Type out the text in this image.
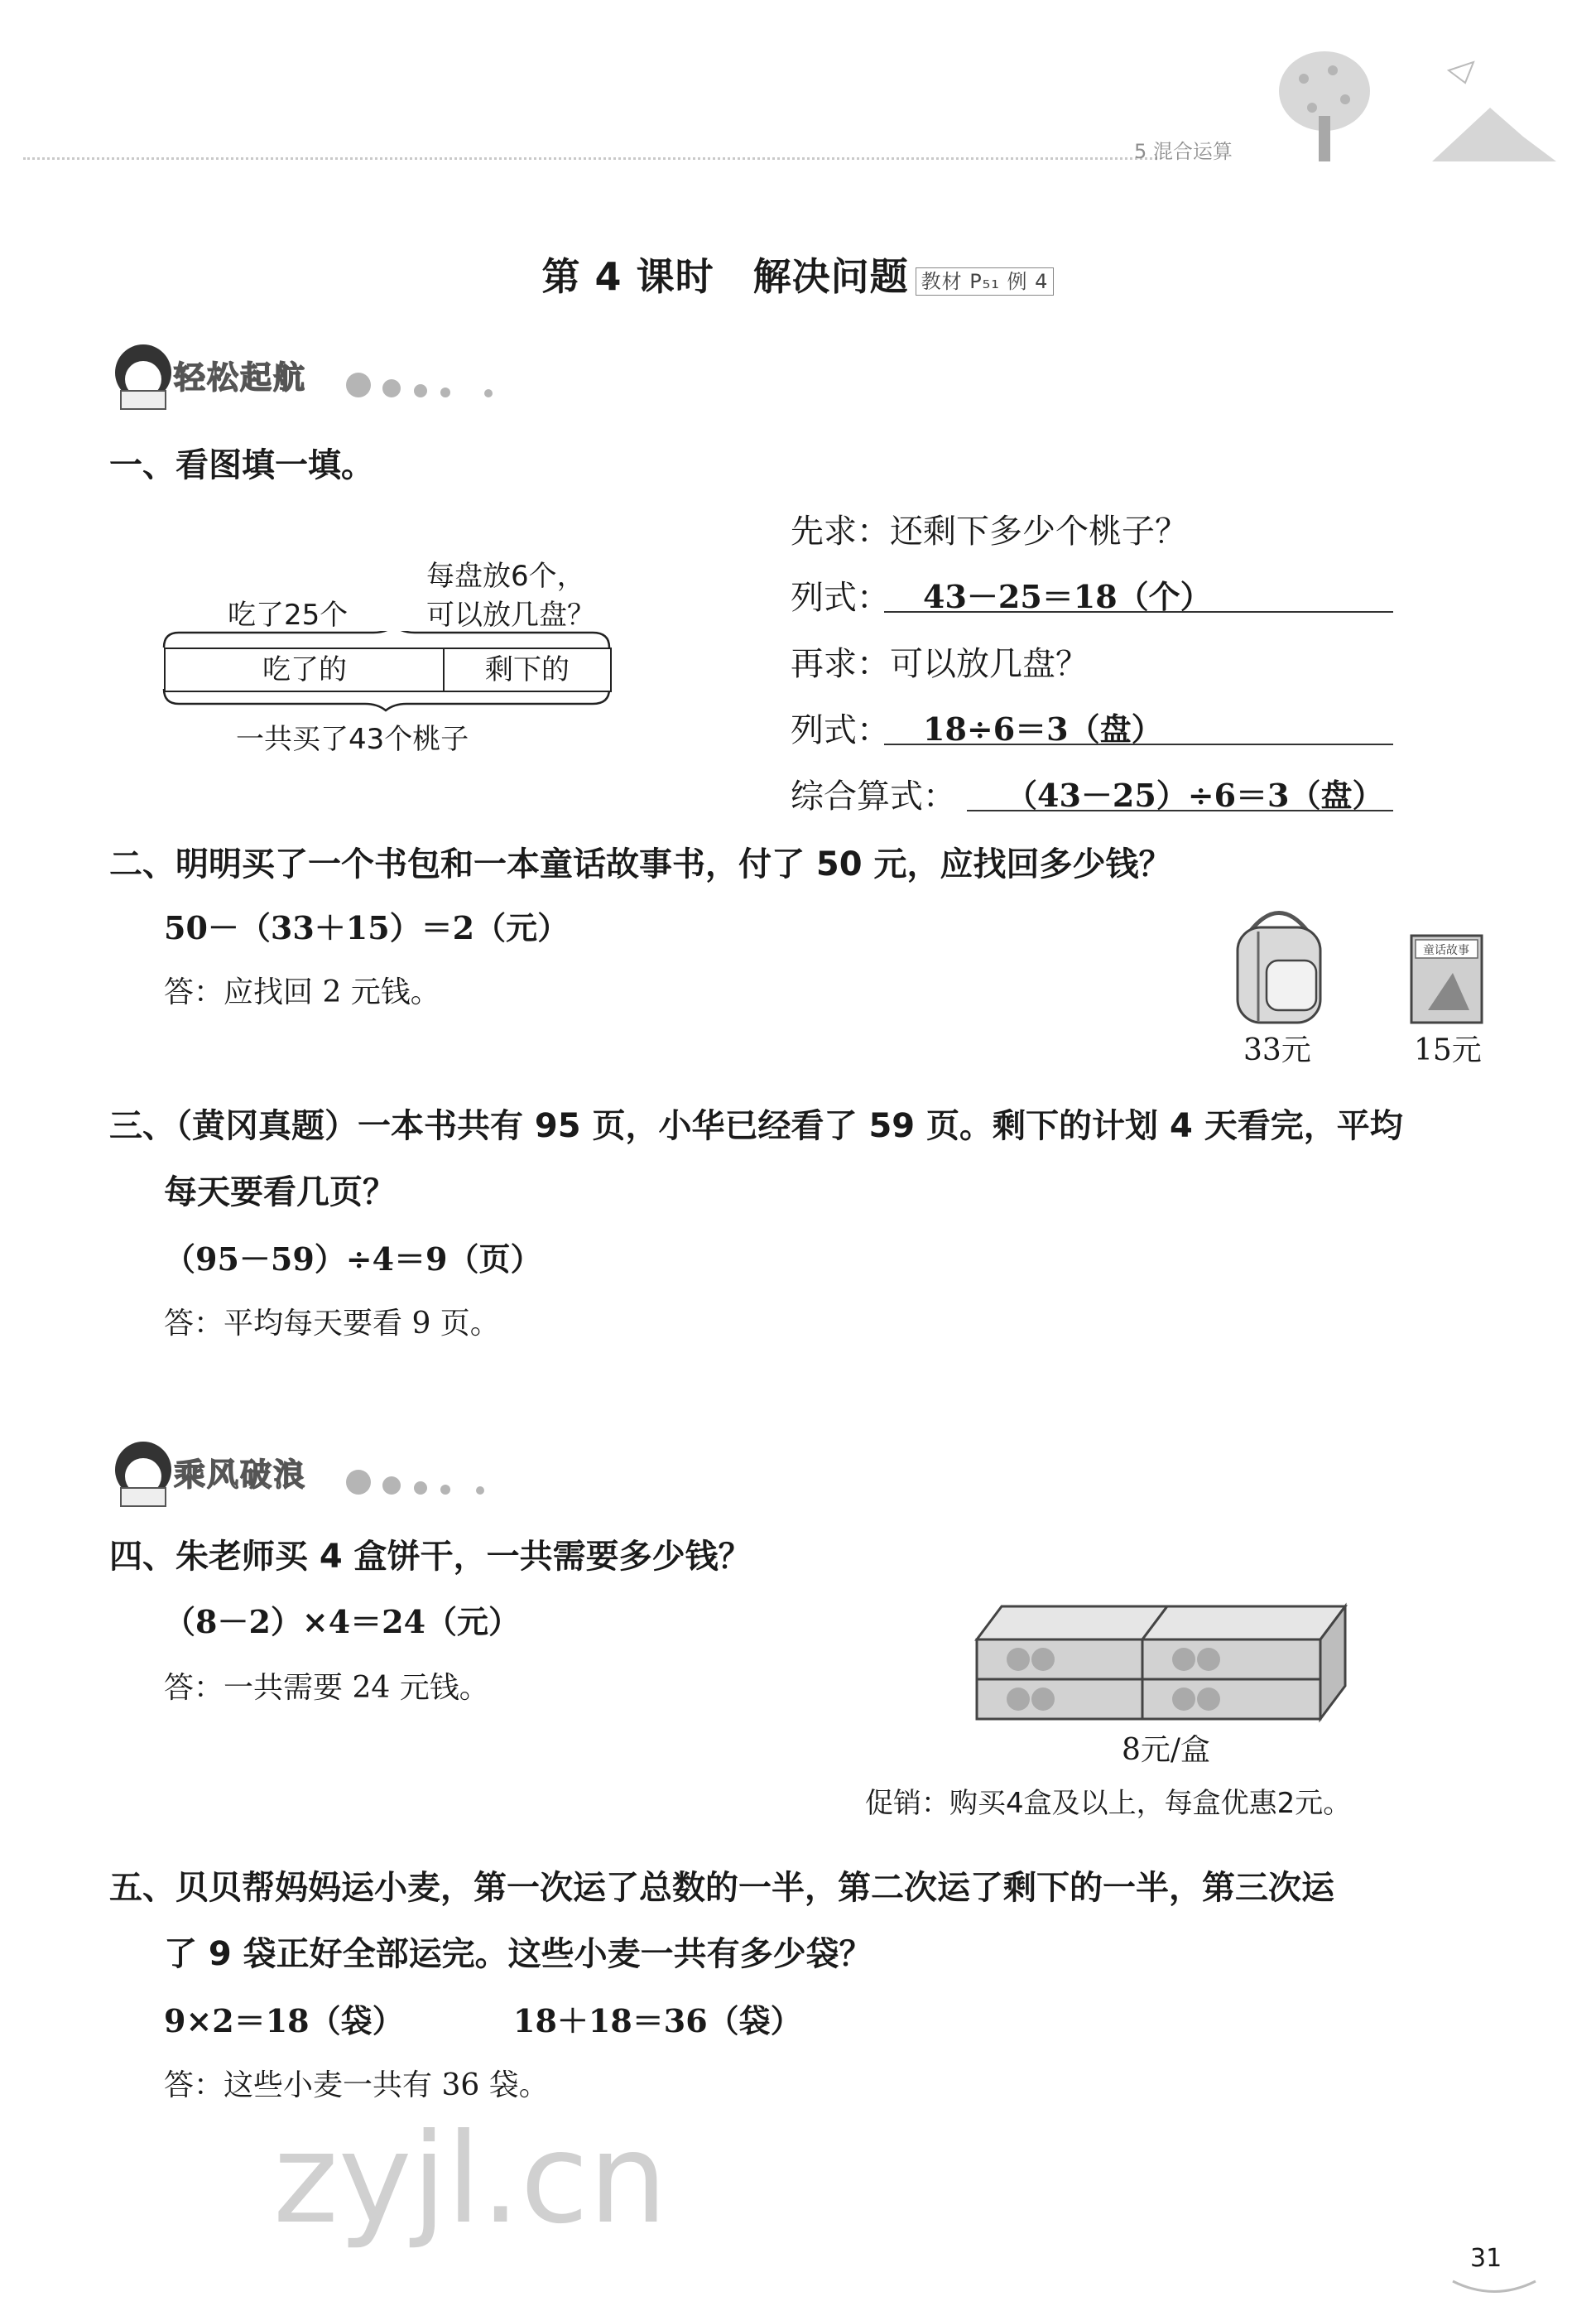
5 混合运算
第 4 课时　解决问题 教材 P₅₁ 例 4
轻松起航
一、看图填一填。
吃了25个
每盘放6个，
可以放几盘？
吃了的	剩下的
一共买了43个桃子
先求：还剩下多少个桃子？
列式： 43－25＝18（个）
再求：可以放几盘？
列式： 18÷6＝3（盘）
综合算式： （43－25）÷6＝3（盘）
二、明明买了一个书包和一本童话故事书，付了 50 元，应找回多少钱？
50－（33＋15）＝2（元）
答：应找回 2 元钱。
33元
童话故事
15元
三、（黄冈真题）一本书共有 95 页，小华已经看了 59 页。剩下的计划 4 天看完，平均
每天要看几页？
（95－59）÷4＝9（页）
答：平均每天要看 9 页。
乘风破浪
四、朱老师买 4 盒饼干，一共需要多少钱？
（8－2）×4＝24（元）
答：一共需要 24 元钱。
8元/盒
促销：购买4盒及以上，每盒优惠2元。
五、贝贝帮妈妈运小麦，第一次运了总数的一半，第二次运了剩下的一半，第三次运
了 9 袋正好全部运完。这些小麦一共有多少袋？
9×2＝18（袋）	18＋18＝36（袋）
答：这些小麦一共有 36 袋。
zyjl.cn
31
